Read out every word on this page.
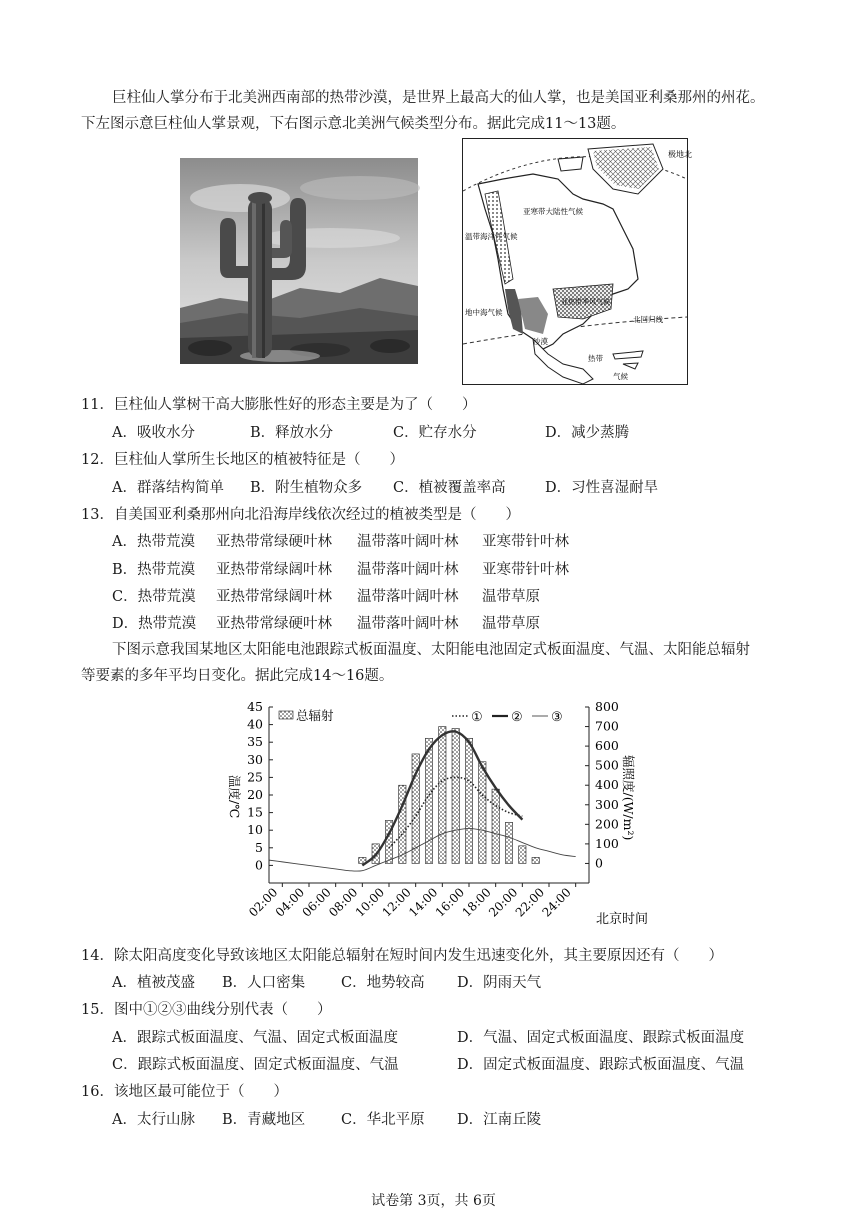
巨柱仙人掌分布于北美洲西南部的热带沙漠，是世界上最高大的仙人掌，也是美国亚利桑那州的州花。
下左图示意巨柱仙人掌景观，下右图示意北美洲气候类型分布。据此完成11～13题。
极地北
亚寒带大陆性气候
温带海洋性气候
地中海气候
亚热带季风气候
北回归线
沙漠
热带
气候
11．巨柱仙人掌树干高大膨胀性好的形态主要是为了（　　）
A．吸收水分	B．释放水分	C．贮存水分	D．减少蒸腾
12．巨柱仙人掌所生长地区的植被特征是（　　）
A．群落结构简单 B．附生植物众多 C．植被覆盖率高	D．习性喜湿耐旱
13．自美国亚利桑那州向北沿海岸线依次经过的植被类型是（　　）
A．热带荒漠 亚热带常绿硬叶林 温带落叶阔叶林 亚寒带针叶林
B．热带荒漠 亚热带常绿阔叶林 温带落叶阔叶林 亚寒带针叶林
C．热带荒漠 亚热带常绿阔叶林 温带落叶阔叶林 温带草原
D．热带荒漠 亚热带常绿硬叶林 温带落叶阔叶林 温带草原
下图示意我国某地区太阳能电池跟踪式板面温度、太阳能电池固定式板面温度、气温、太阳能总辐射
等要素的多年平均日变化。据此完成14～16题。
0
5
10
15
20
25
30
35
40
45
0
100
200
300
400
500
600
700
800
02:00
04:00
06:00
08:00
10:00
12:00
14:00
16:00
18:00
20:00
22:00
24:00
温度/℃	辐照度/(W/m²)
北京时间
总辐射	① ② ③
14．除太阳高度变化导致该地区太阳能总辐射在短时间内发生迅速变化外，其主要原因还有（　　）
A．植被茂盛 B．人口密集 C．地势较高 D．阴雨天气
15．图中①②③曲线分别代表（　　）
A．跟踪式板面温度、气温、固定式板面温度	D．气温、固定式板面温度、跟踪式板面温度
C．跟踪式板面温度、固定式板面温度、气温	D．固定式板面温度、跟踪式板面温度、气温
16．该地区最可能位于（　　）
A．太行山脉 B．青藏地区 C．华北平原 D．江南丘陵
试卷第 3页，共 6页
